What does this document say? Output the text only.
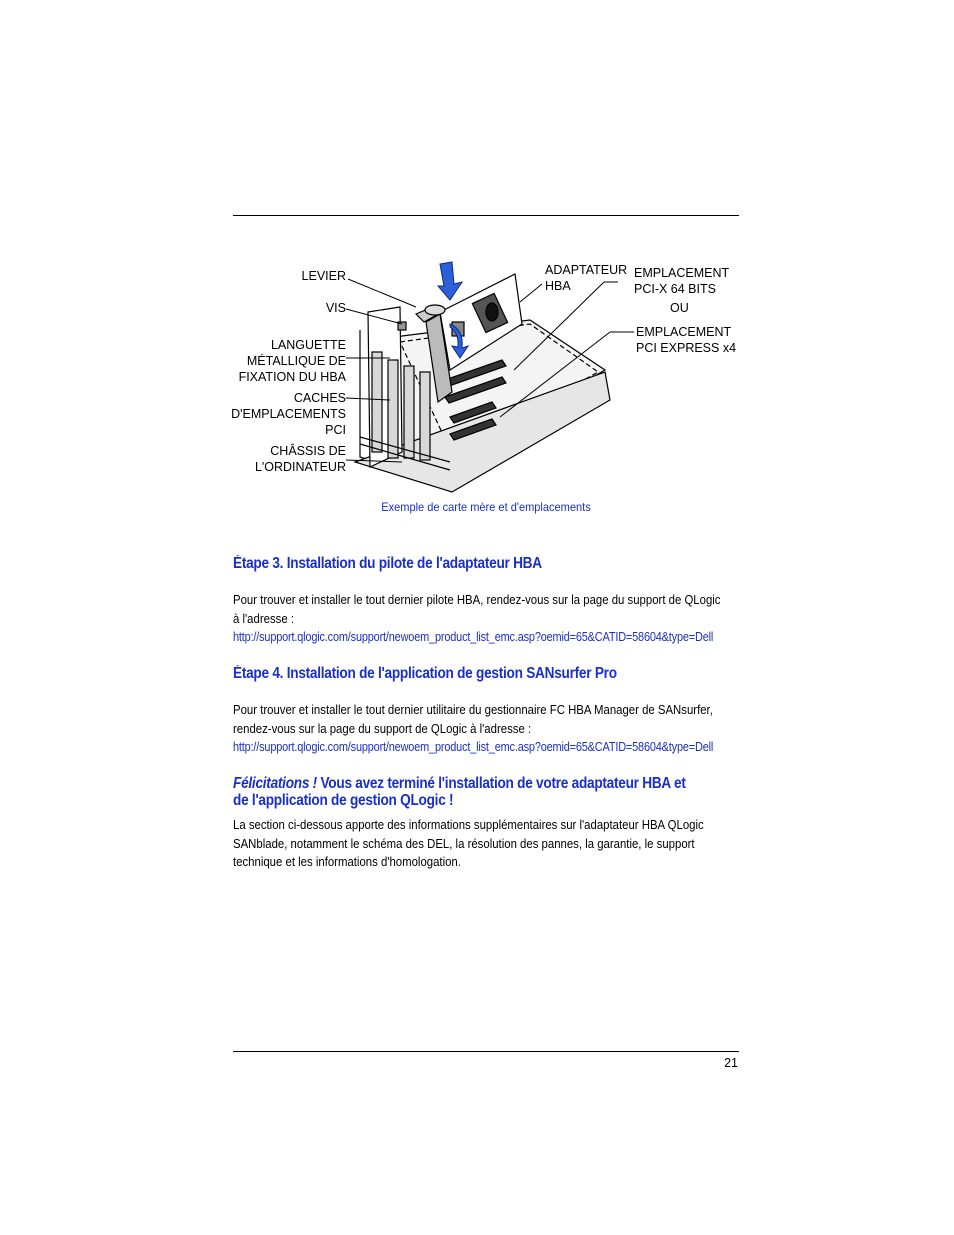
LEVIER
VIS
LANGUETTE
MÉTALLIQUE DE
FIXATION DU HBA
CACHES
D'EMPLACEMENTS
PCI
CHÂSSIS DE
L'ORDINATEUR
ADAPTATEUR
HBA
EMPLACEMENT
PCI-X 64 BITS
OU
EMPLACEMENT
PCI EXPRESS x4
Exemple de carte mère et d'emplacements
Étape 3. Installation du pilote de l'adaptateur HBA
Pour trouver et installer le tout dernier pilote HBA, rendez-vous sur la page du support de QLogic
à l'adresse :
http://support.qlogic.com/support/newoem_product_list_emc.asp?oemid=65&CATID=58604&type=Dell
Étape 4. Installation de l'application de gestion SANsurfer Pro
Pour trouver et installer le tout dernier utilitaire du gestionnaire FC HBA Manager de SANsurfer,
rendez-vous sur la page du support de QLogic à l'adresse :
http://support.qlogic.com/support/newoem_product_list_emc.asp?oemid=65&CATID=58604&type=Dell
Félicitations ! Vous avez terminé l'installation de votre adaptateur HBA et
de l'application de gestion QLogic !
La section ci-dessous apporte des informations supplémentaires sur l'adaptateur HBA QLogic
SANblade, notamment le schéma des DEL, la résolution des pannes, la garantie, le support
technique et les informations d'homologation.
21
